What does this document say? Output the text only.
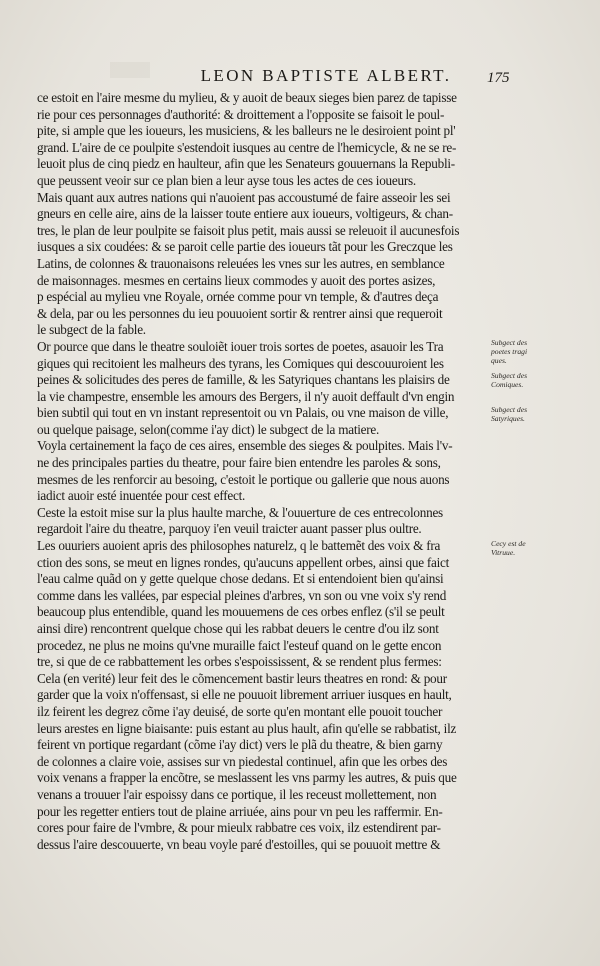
LEON BAPTISTE ALBERT.	175
ce estoit en l'aire mesme du mylieu, & y auoit de beaux sieges bien parez de tapisse
rie pour ces personnages d'authorité: & droittement a l'opposite se faisoit le poul-
pite, si ample que les ioueurs, les musiciens, & les balleurs ne le desiroient point pl'
grand. L'aire de ce poulpite s'estendoit iusques au centre de l'hemicycle, & ne se re-
leuoit plus de cinq piedz en haulteur, afin que les Senateurs gouuernans la Republi-
que peussent veoir sur ce plan bien a leur ayse tous les actes de ces ioueurs.
Mais quant aux autres nations qui n'auoient pas accoustumé de faire asseoir les sei
gneurs en celle aire, ains de la laisser toute entiere aux ioueurs, voltigeurs, & chan-
tres, le plan de leur poulpite se faisoit plus petit, mais aussi se releuoit il aucunesfois
iusques a six coudées: & se paroit celle partie des ioueurs tãt pour les Greczque les
Latins, de colonnes & trauonaisons releuées les vnes sur les autres, en semblance
de maisonnages. mesmes en certains lieux commodes y auoit des portes asizes,
p espécial au mylieu vne Royale, ornée comme pour vn temple, & d'autres deça
& dela, par ou les personnes du ieu pouuoient sortir & rentrer ainsi que requeroit
le subgect de la fable.
Or pource que dans le theatre souloiẽt iouer trois sortes de poetes, asauoir les Tra
giques qui recitoient les malheurs des tyrans, les Comiques qui descouuroient les
peines & solicitudes des peres de famille, & les Satyriques chantans les plaisirs de
la vie champestre, ensemble les amours des Bergers, il n'y auoit deffault d'vn engin
bien subtil qui tout en vn instant representoit ou vn Palais, ou vne maison de ville,
ou quelque paisage, selon(comme i'ay dict) le subgect de la matiere.
Voyla certainement la faço de ces aires, ensemble des sieges & poulpites. Mais l'v-
ne des principales parties du theatre, pour faire bien entendre les paroles & sons,
mesmes de les renforcir au besoing, c'estoit le portique ou gallerie que nous auons
iadict auoir esté inuentée pour cest effect.
Ceste la estoit mise sur la plus haulte marche, & l'ouuerture de ces entrecolonnes
regardoit l'aire du theatre, parquoy i'en veuil traicter auant passer plus oultre.
Les ouuriers auoient apris des philosophes naturelz, q le battemẽt des voix & fra
ction des sons, se meut en lignes rondes, qu'aucuns appellent orbes, ainsi que faict
l'eau calme quãd on y gette quelque chose dedans. Et si entendoient bien qu'ainsi
comme dans les vallées, par especial pleines d'arbres, vn son ou vne voix s'y rend
beaucoup plus entendible, quand les mouuemens de ces orbes enflez (s'il se peult
ainsi dire) rencontrent quelque chose qui les rabbat deuers le centre d'ou ilz sont
procedez, ne plus ne moins qu'vne muraille faict l'esteuf quand on le gette encon
tre, si que de ce rabbattement les orbes s'espoississent, & se rendent plus fermes:
Cela (en verité) leur feit des le cõmencement bastir leurs theatres en rond: & pour
garder que la voix n'offensast, si elle ne pouuoit librement arriuer iusques en hault,
ilz feirent les degrez cõme i'ay deuisé, de sorte qu'en montant elle pouoit toucher
leurs arestes en ligne biaisante: puis estant au plus hault, afin qu'elle se rabbatist, ilz
feirent vn portique regardant (cõme i'ay dict) vers le plã du theatre, & bien garny
de colonnes a claire voie, assises sur vn piedestal continuel, afin que les orbes des
voix venans a frapper la encõtre, se meslassent les vns parmy les autres, & puis que
venans a trouuer l'air espoissy dans ce portique, il les receust mollettement, non
pour les regetter entiers tout de plaine arriuée, ains pour vn peu les raffermir. En-
cores pour faire de l'vmbre, & pour mieulx rabbatre ces voix, ilz estendirent par-
dessus l'aire descouuerte, vn beau voyle paré d'estoilles, qui se pouuoit mettre &
Subgect des
poetes tragi
ques.
Subgect des
Comiques.
Subgect des
Satyriques.
Cecy est de
Vitruue.
